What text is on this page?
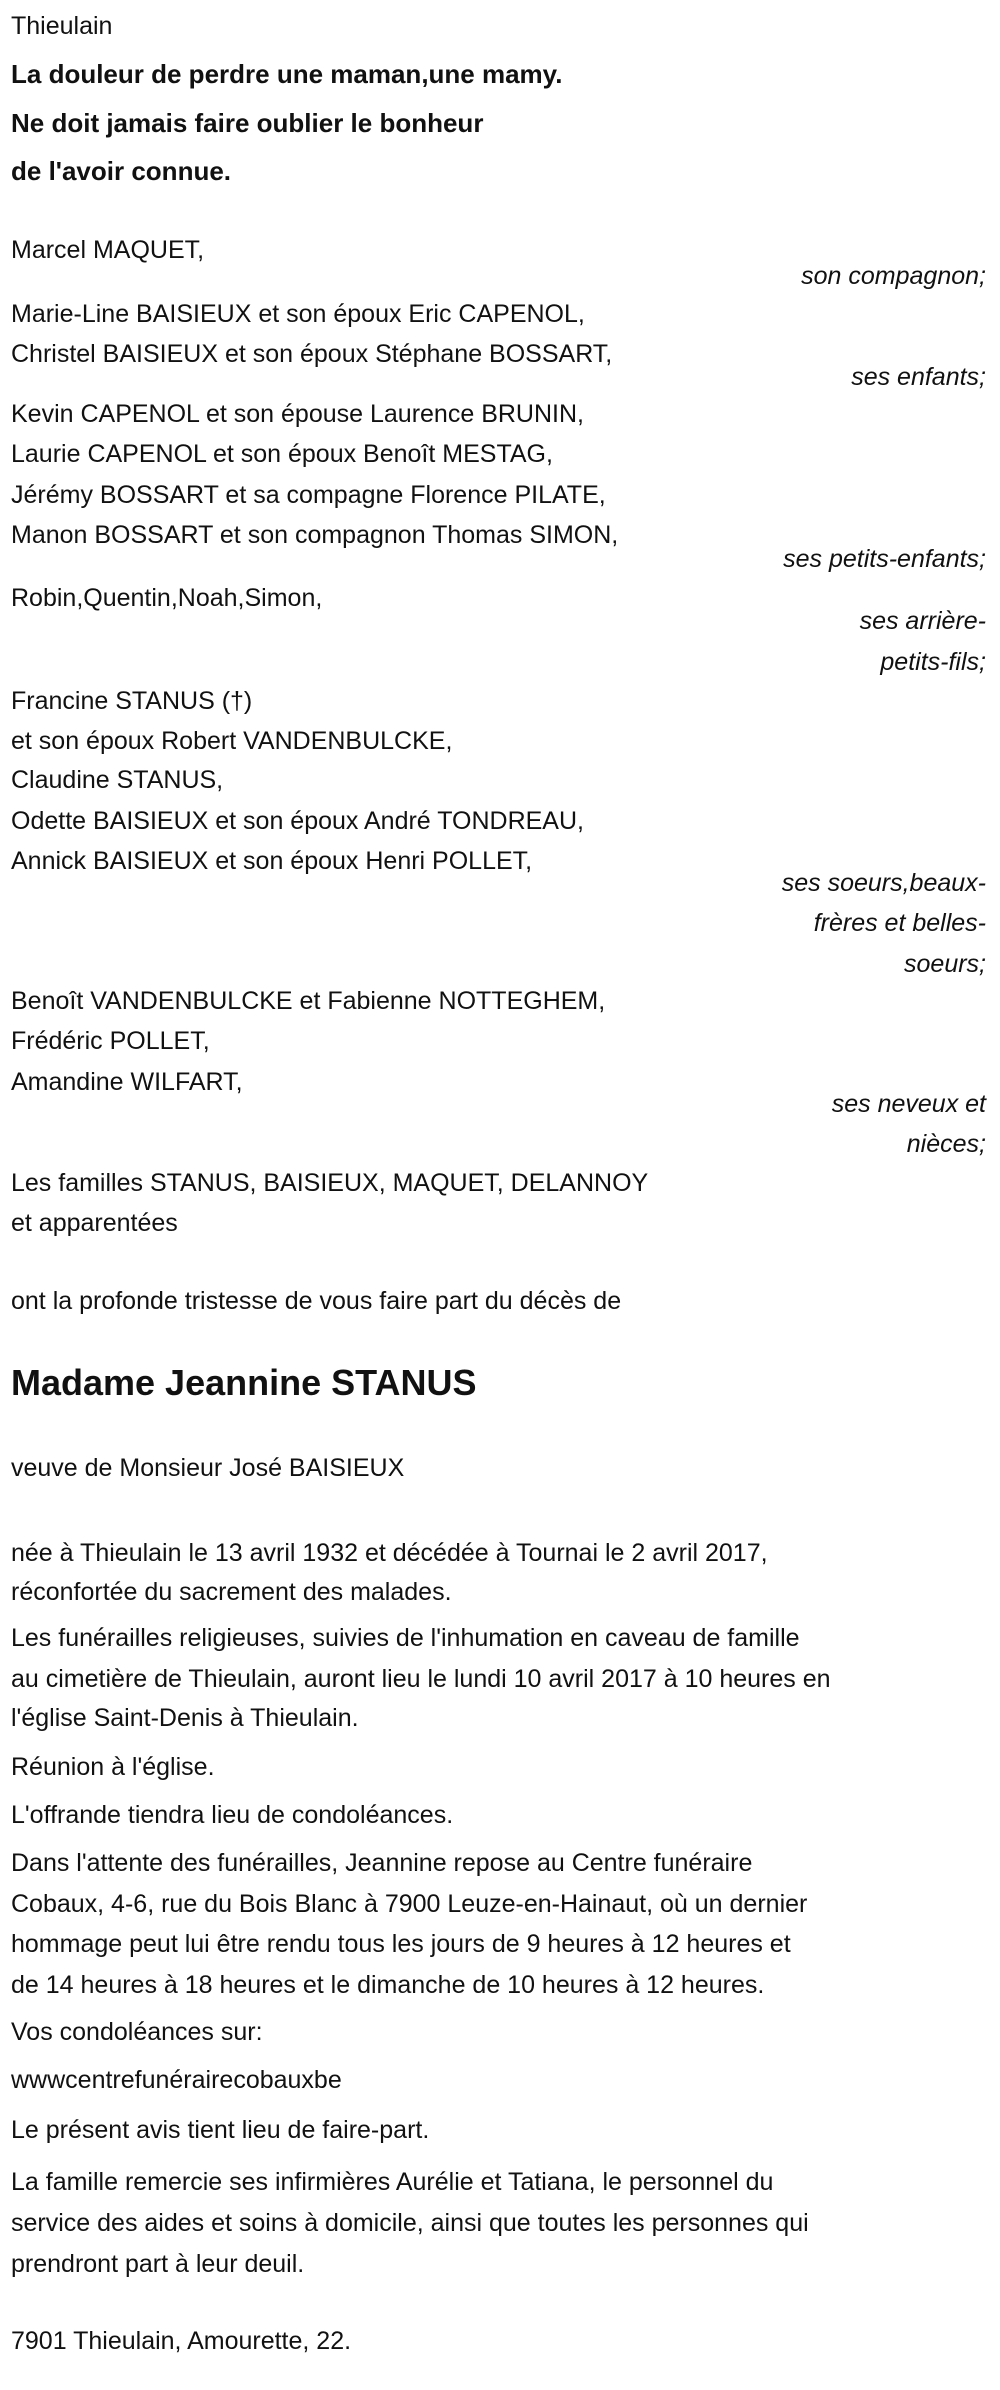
Thieulain
La douleur de perdre une maman,une mamy.
Ne doit jamais faire oublier le bonheur
de l'avoir connue.
Marcel MAQUET,
son compagnon;
Marie-Line BAISIEUX et son époux Eric CAPENOL,
Christel BAISIEUX et son époux Stéphane BOSSART,
ses enfants;
Kevin CAPENOL et son épouse Laurence BRUNIN,
Laurie CAPENOL et son époux Benoît MESTAG,
Jérémy BOSSART et sa compagne Florence PILATE,
Manon BOSSART et son compagnon Thomas SIMON,
ses petits-enfants;
Robin,Quentin,Noah,Simon,
ses arrière-
petits-fils;
Francine STANUS (†)
et son époux Robert VANDENBULCKE,
Claudine STANUS,
Odette BAISIEUX et son époux André TONDREAU,
Annick BAISIEUX et son époux Henri POLLET,
ses soeurs,beaux-
frères et belles-
soeurs;
Benoît VANDENBULCKE et Fabienne NOTTEGHEM,
Frédéric POLLET,
Amandine WILFART,
ses neveux et
nièces;
Les familles STANUS, BAISIEUX, MAQUET, DELANNOY
et apparentées
ont la profonde tristesse de vous faire part du décès de
Madame Jeannine STANUS
veuve de Monsieur José BAISIEUX
née à Thieulain le 13 avril 1932 et décédée à Tournai le 2 avril 2017,
réconfortée du sacrement des malades.
Les funérailles religieuses, suivies de l'inhumation en caveau de famille
au cimetière de Thieulain, auront lieu le lundi 10 avril 2017 à 10 heures en
l'église Saint-Denis à Thieulain.
Réunion à l'église.
L'offrande tiendra lieu de condoléances.
Dans l'attente des funérailles, Jeannine repose au Centre funéraire
Cobaux, 4-6, rue du Bois Blanc à 7900 Leuze-en-Hainaut, où un dernier
hommage peut lui être rendu tous les jours de 9 heures à 12 heures et
de 14 heures à 18 heures et le dimanche de 10 heures à 12 heures.
Vos condoléances sur:
wwwcentrefunérairecobauxbe
Le présent avis tient lieu de faire-part.
La famille remercie ses infirmières Aurélie et Tatiana, le personnel du
service des aides et soins à domicile, ainsi que toutes les personnes qui
prendront part à leur deuil.
7901 Thieulain, Amourette, 22.
